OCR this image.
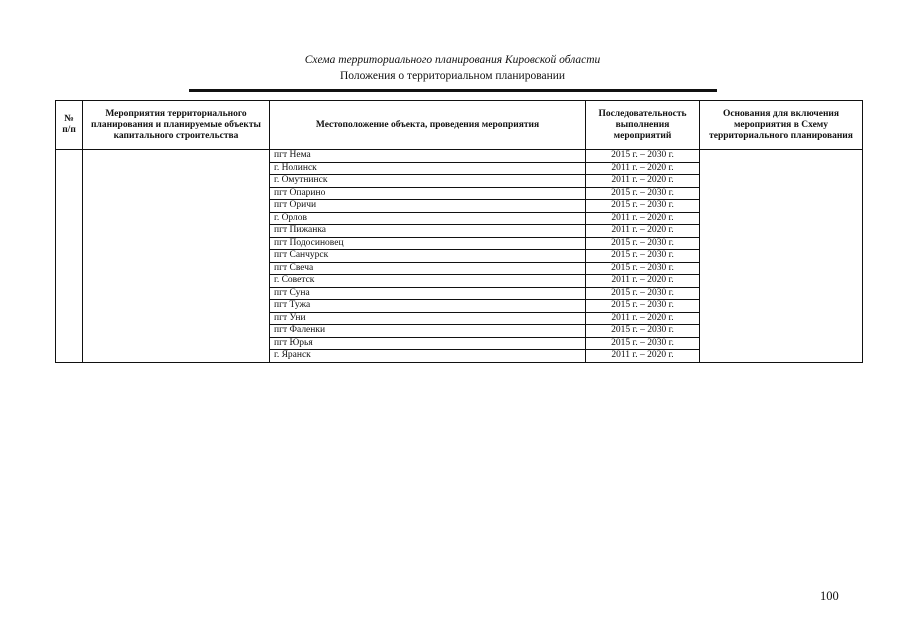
Схема территориального планирования Кировской области
Положения о территориальном планировании
№ п/п	Мероприятия территориального планирования и планируемые объекты капитального строительства	Местоположение объекта, проведения мероприятия	Последовательность выполнения мероприятий	Основания для включения мероприятия в Схему территориального планирования
		пгт Нема	2015 г. – 2030 г.	
		г. Нолинск	2011 г. – 2020 г.	
		г. Омутнинск	2011 г. – 2020 г.	
		пгт Опарино	2015 г. – 2030 г.	
		пгт Оричи	2015 г. – 2030 г.	
		г. Орлов	2011 г. – 2020 г.	
		пгт Пижанка	2011 г. – 2020 г.	
		пгт Подосиновец	2015 г. – 2030 г.	
		пгт Санчурск	2015 г. – 2030 г.	
		пгт Свеча	2015 г. – 2030 г.	
		г. Советск	2011 г. – 2020 г.	
		пгт Суна	2015 г. – 2030 г.	
		пгт Тужа	2015 г. – 2030 г.	
		пгт Уни	2011 г. – 2020 г.	
		пгт Фаленки	2015 г. – 2030 г.	
		пгт Юрья	2015 г. – 2030 г.	
		г. Яранск	2011 г. – 2020 г.	
100
